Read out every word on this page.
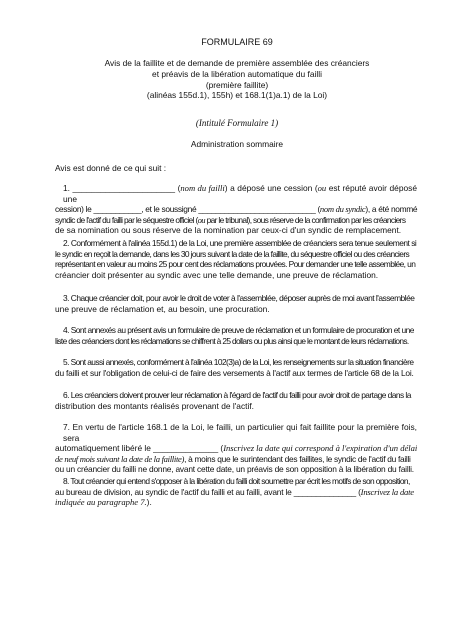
FORMULAIRE 69
Avis de la faillite et de demande de première assemblée des créanciers
et préavis de la libération automatique du failli
(première faillite)
(alinéas 155d.1), 155h) et 168.1(1)a.1) de la Loi)
(Intitulé Formulaire 1)
Administration sommaire
Avis est donné de ce qui suit :
1. ______________________ (nom du failli) a déposé une cession (ou est réputé avoir déposé une
cession) le ___________, et le soussigné ___________________________ (nom du syndic), a été nommé
syndic de l'actif du failli par le séquestre officiel (ou par le tribunal), sous réserve de la confirmation par les créanciers
de sa nomination ou sous réserve de la nomination par ceux-ci d'un syndic de remplacement.
2. Conformément à l'alinéa 155d.1) de la Loi, une première assemblée de créanciers sera tenue seulement si
le syndic en reçoit la demande, dans les 30 jours suivant la date de la faillite, du séquestre officiel ou des créanciers
représentant en valeur au moins 25 pour cent des réclamations prouvées. Pour demander une telle assemblée, un
créancier doit présenter au syndic avec une telle demande, une preuve de réclamation.
3. Chaque créancier doit, pour avoir le droit de voter à l'assemblée, déposer auprès de moi avant l'assemblée
une preuve de réclamation et, au besoin, une procuration.
4. Sont annexés au présent avis un formulaire de preuve de réclamation et un formulaire de procuration et une
liste des créanciers dont les réclamations se chiffrent à 25 dollars ou plus ainsi que le montant de leurs réclamations.
5. Sont aussi annexés, conformément à l'alinéa 102(3)a) de la Loi, les renseignements sur la situation financière
du failli et sur l'obligation de celui-ci de faire des versements à l'actif aux termes de l'article 68 de la Loi.
6. Les créanciers doivent prouver leur réclamation à l'égard de l'actif du failli pour avoir droit de partage dans la
distribution des montants réalisés provenant de l'actif.
7. En vertu de l'article 168.1 de la Loi, le failli, un particulier qui fait faillite pour la première fois, sera
automatiquement libéré le ______________ (Inscrivez la date qui correspond à l'expiration d'un délai
de neuf mois suivant la date de la faillite), à moins que le surintendant des faillites, le syndic de l'actif du failli
ou un créancier du failli ne donne, avant cette date, un préavis de son opposition à la libération du failli.
8. Tout créancier qui entend s'opposer à la libération du failli doit soumettre par écrit les motifs de son opposition,
au bureau de division, au syndic de l'actif du failli et au failli, avant le ______________ (Inscrivez la date
indiquée au paragraphe 7.).
